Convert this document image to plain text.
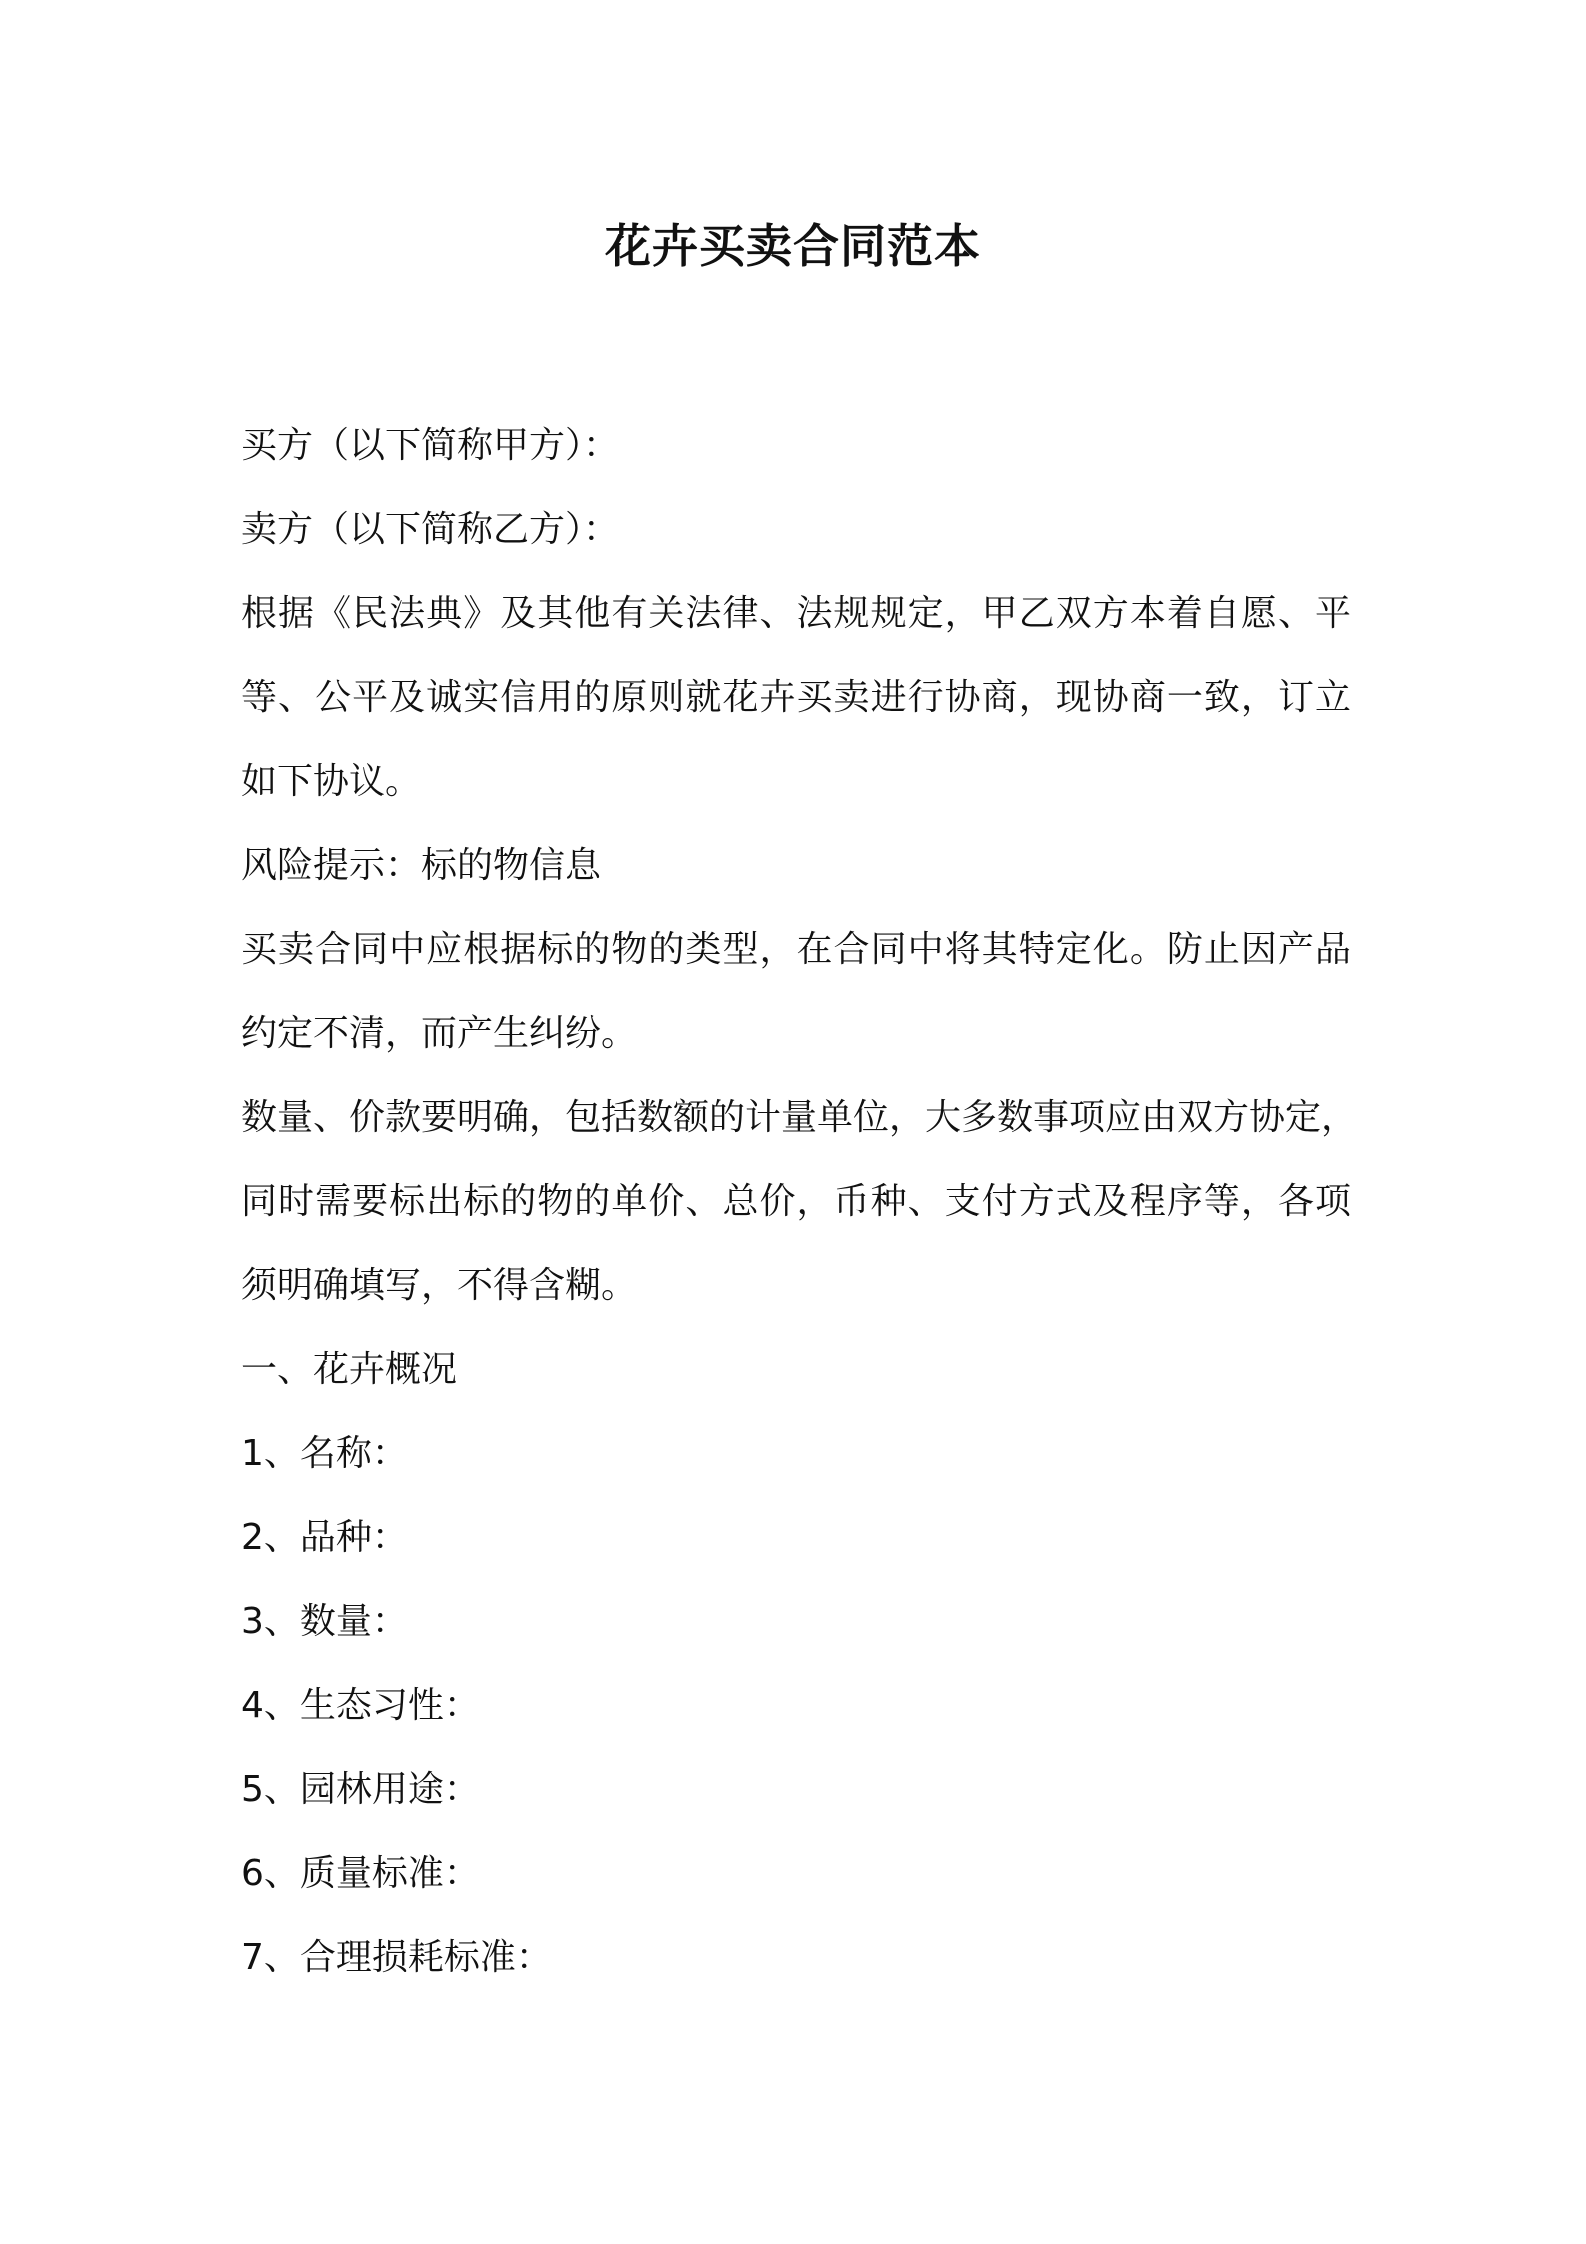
花卉买卖合同范本

买方（以下简称甲方）：

卖方（以下简称乙方）：

根据《民法典》及其他有关法律、法规规定，甲乙双方本着自愿、平

等、公平及诚实信用的原则就花卉买卖进行协商，现协商一致，订立

如下协议。

风险提示：标的物信息

买卖合同中应根据标的物的类型，在合同中将其特定化。防止因产品

约定不清，而产生纠纷。

数量、价款要明确，包括数额的计量单位，大多数事项应由双方协定，

同时需要标出标的物的单价、总价，币种、支付方式及程序等，各项

须明确填写，不得含糊。

一、花卉概况

1、名称：

2、品种：

3、数量：

4、生态习性：

5、园林用途：

6、质量标准：

7、合理损耗标准：
